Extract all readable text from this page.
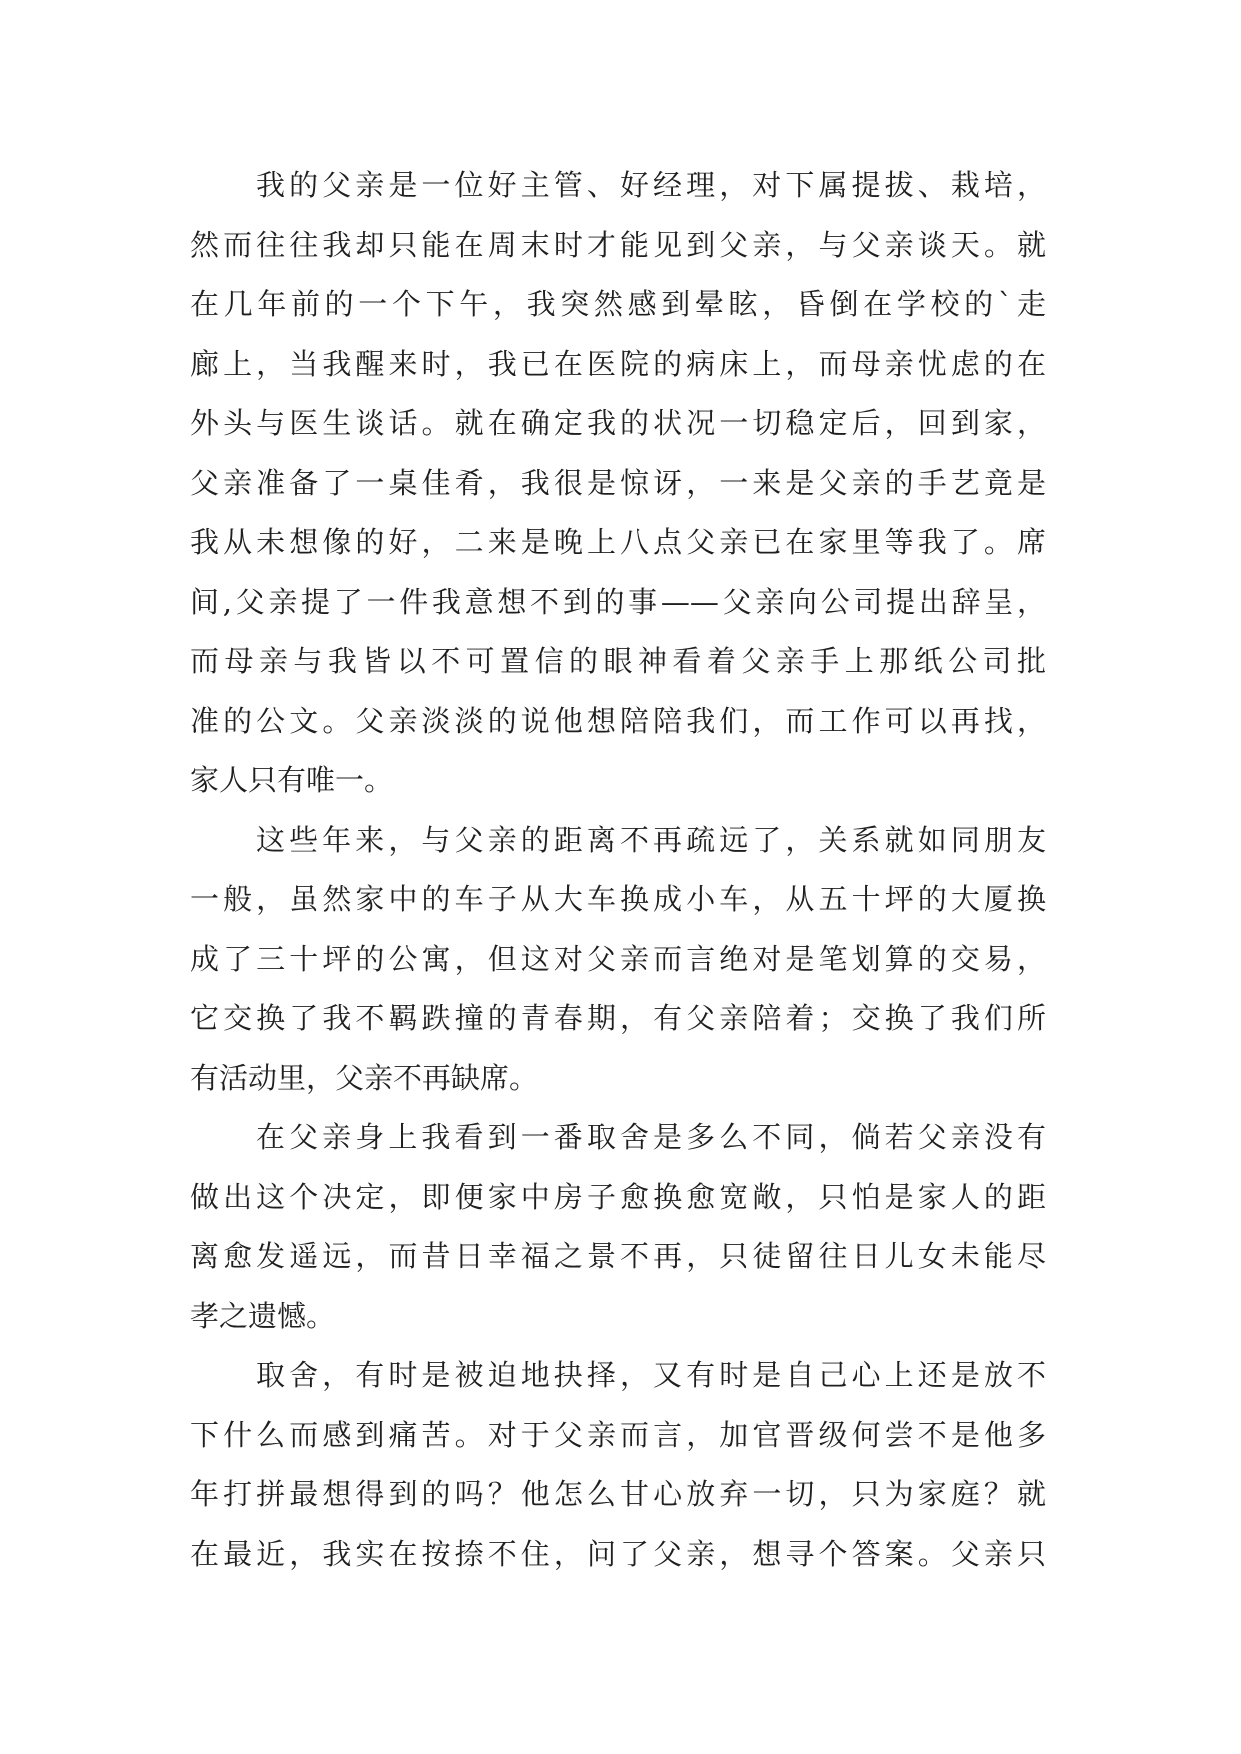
我的父亲是一位好主管、好经理，对下属提拔、栽培，
然而往往我却只能在周末时才能见到父亲，与父亲谈天。就
在几年前的一个下午，我突然感到晕眩，昏倒在学校的`走
廊上，当我醒来时，我已在医院的病床上，而母亲忧虑的在
外头与医生谈话。就在确定我的状况一切稳定后，回到家，
父亲准备了一桌佳肴，我很是惊讶，一来是父亲的手艺竟是
我从未想像的好，二来是晚上八点父亲已在家里等我了。席
间,父亲提了一件我意想不到的事——父亲向公司提出辞呈，
而母亲与我皆以不可置信的眼神看着父亲手上那纸公司批
准的公文。父亲淡淡的说他想陪陪我们，而工作可以再找，
家人只有唯一。
这些年来，与父亲的距离不再疏远了，关系就如同朋友
一般，虽然家中的车子从大车换成小车，从五十坪的大厦换
成了三十坪的公寓，但这对父亲而言绝对是笔划算的交易，
它交换了我不羁跌撞的青春期，有父亲陪着；交换了我们所
有活动里，父亲不再缺席。
在父亲身上我看到一番取舍是多么不同，倘若父亲没有
做出这个决定，即便家中房子愈换愈宽敞，只怕是家人的距
离愈发遥远，而昔日幸福之景不再，只徒留往日儿女未能尽
孝之遗憾。
取舍，有时是被迫地抉择，又有时是自己心上还是放不
下什么而感到痛苦。对于父亲而言，加官晋级何尝不是他多
年打拼最想得到的吗？他怎么甘心放弃一切，只为家庭？就
在最近，我实在按捺不住，问了父亲，想寻个答案。父亲只
